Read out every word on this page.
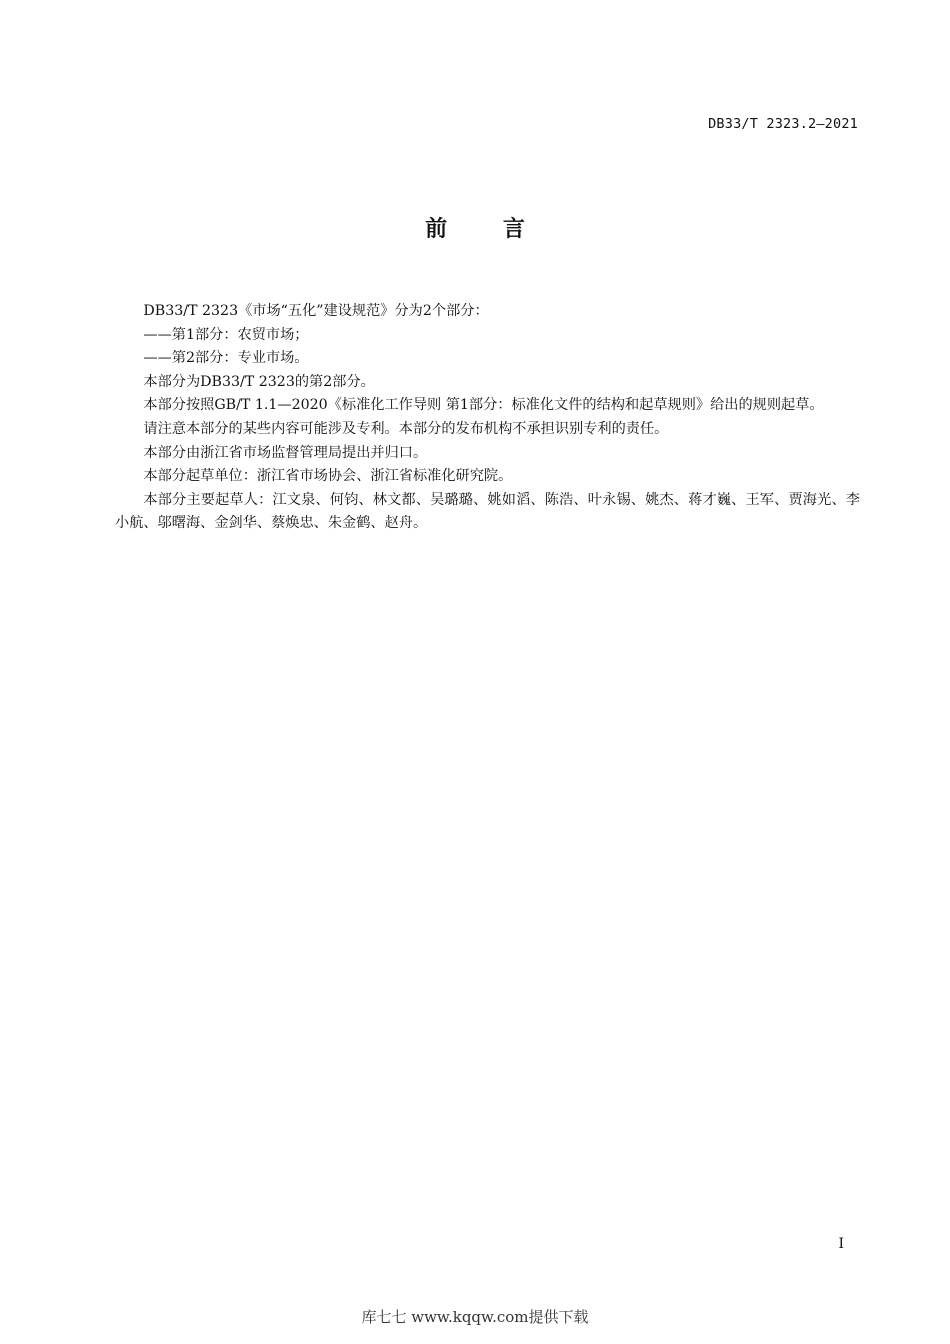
DB33/T 2323.2—2021
前 言

DB33/T 2323《市场“五化”建设规范》分为2个部分：

——第1部分：农贸市场；

——第2部分：专业市场。

本部分为DB33/T 2323的第2部分。

本部分按照GB/T 1.1—2020《标准化工作导则 第1部分：标准化文件的结构和起草规则》给出的规则起草。

请注意本部分的某些内容可能涉及专利。本部分的发布机构不承担识别专利的责任。

本部分由浙江省市场监督管理局提出并归口。

本部分起草单位：浙江省市场协会、浙江省标准化研究院。

本部分主要起草人：江文泉、何钧、林文都、吴璐璐、姚如滔、陈浩、叶永锡、姚杰、蒋才巍、王军、贾海光、李小航、邬曙海、金剑华、蔡焕忠、朱金鹤、赵舟。

I
库七七 www.kqqw.com提供下载
